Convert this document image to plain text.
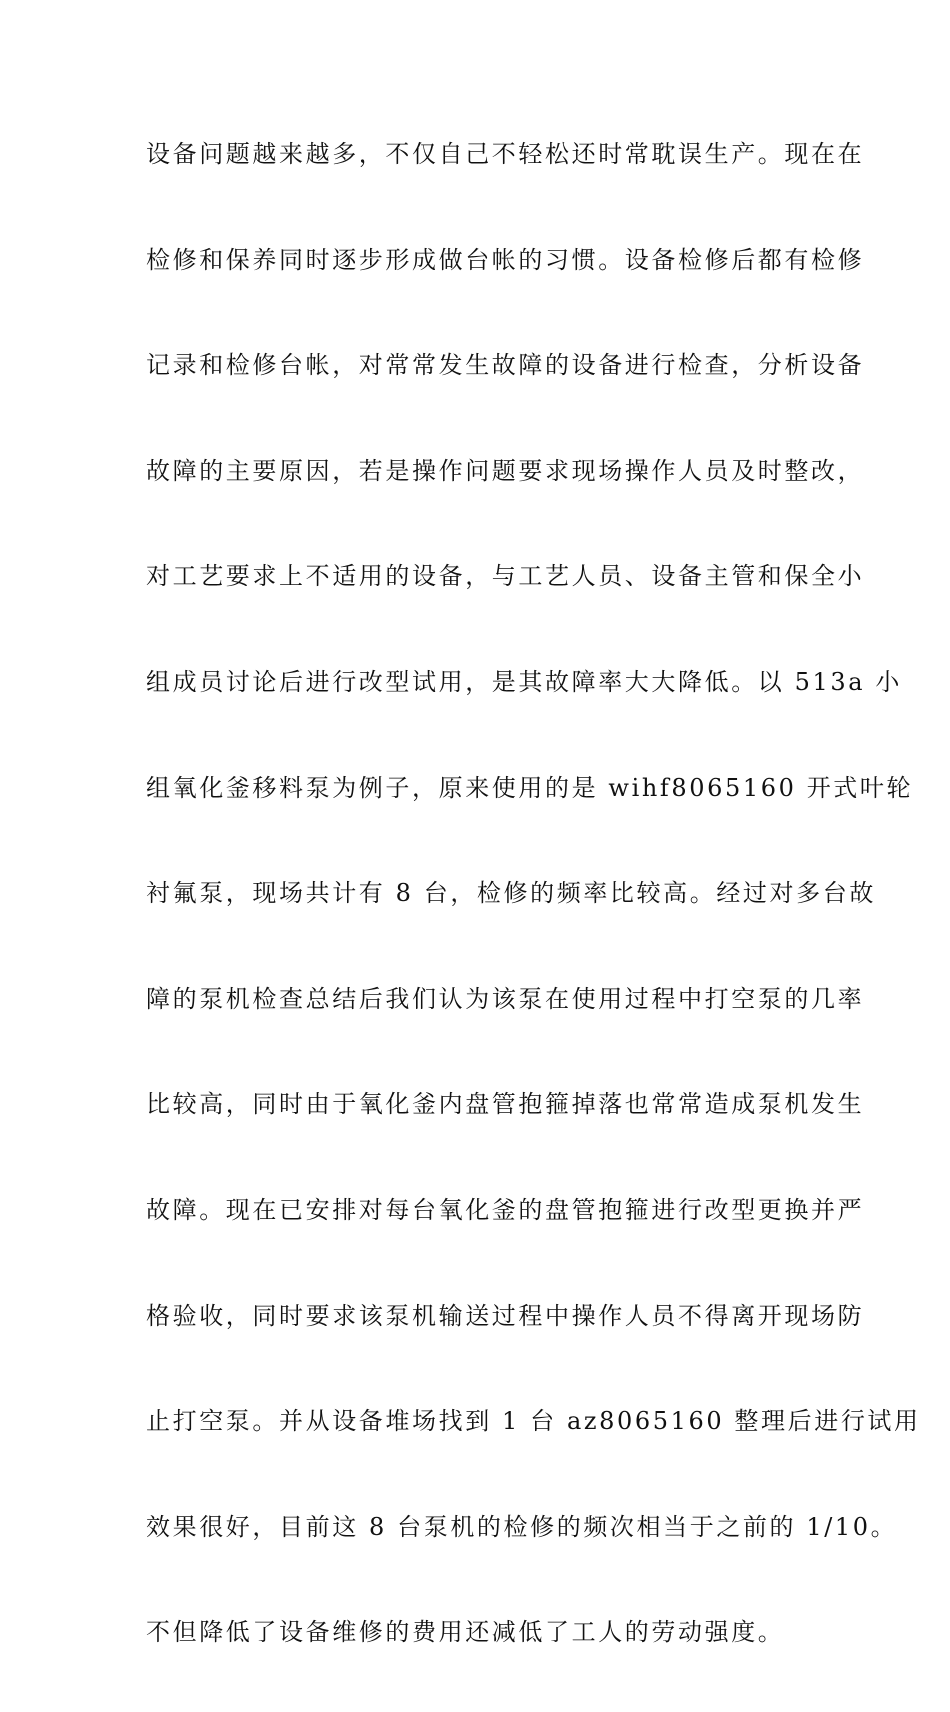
设备问题越来越多，不仅自己不轻松还时常耽误生产。现在在
检修和保养同时逐步形成做台帐的习惯。设备检修后都有检修
记录和检修台帐，对常常发生故障的设备进行检查，分析设备
故障的主要原因，若是操作问题要求现场操作人员及时整改，
对工艺要求上不适用的设备，与工艺人员、设备主管和保全小
组成员讨论后进行改型试用，是其故障率大大降低。以 513a 小
组氧化釜移料泵为例子，原来使用的是 wihf8065160 开式叶轮
衬氟泵，现场共计有 8 台，检修的频率比较高。经过对多台故
障的泵机检查总结后我们认为该泵在使用过程中打空泵的几率
比较高，同时由于氧化釜内盘管抱箍掉落也常常造成泵机发生
故障。现在已安排对每台氧化釜的盘管抱箍进行改型更换并严
格验收，同时要求该泵机输送过程中操作人员不得离开现场防
止打空泵。并从设备堆场找到 1 台 az8065160 整理后进行试用
效果很好，目前这 8 台泵机的检修的频次相当于之前的 1/10。
不但降低了设备维修的费用还减低了工人的劳动强度。
